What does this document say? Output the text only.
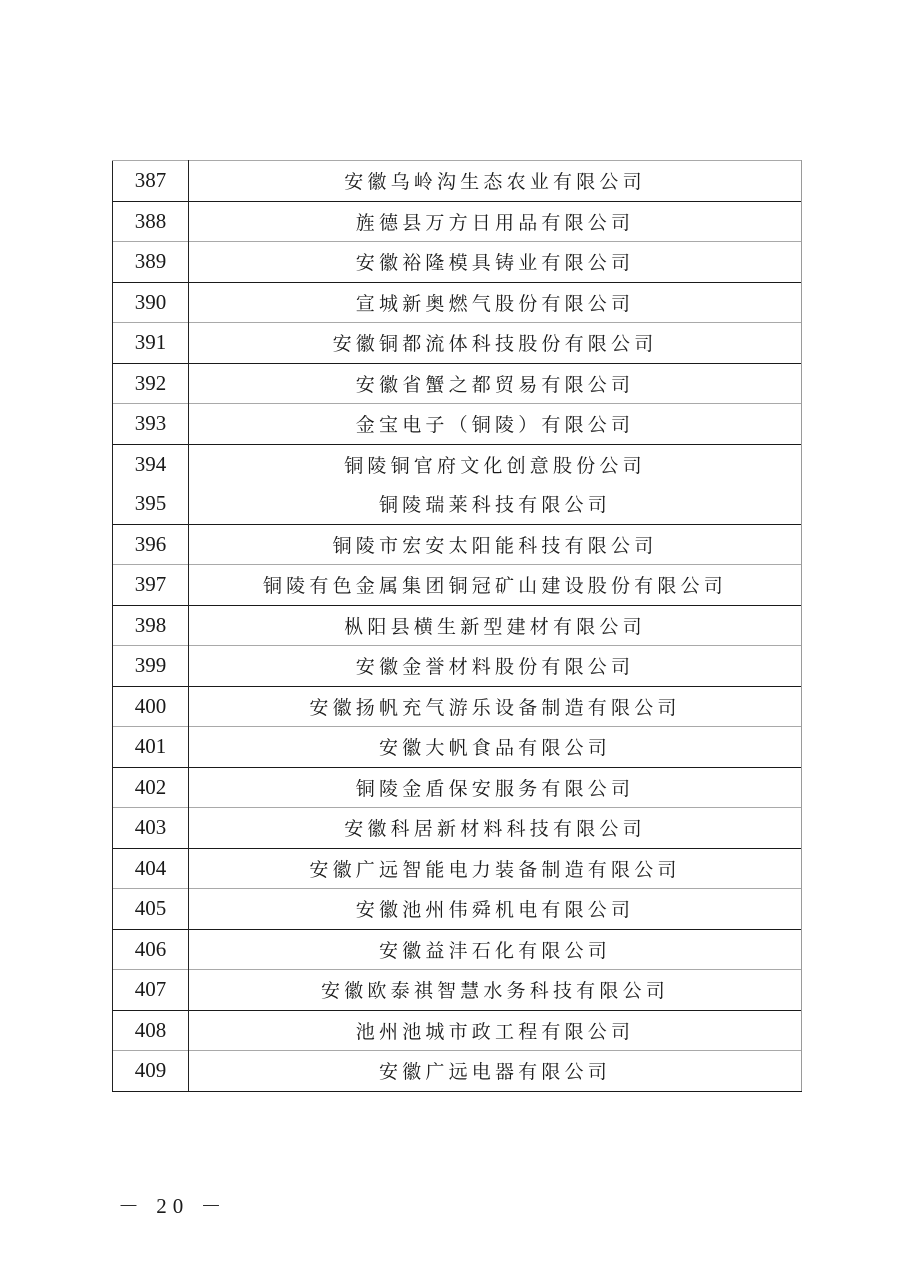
387	安徽乌岭沟生态农业有限公司
388	旌德县万方日用品有限公司
389	安徽裕隆模具铸业有限公司
390	宣城新奥燃气股份有限公司
391	安徽铜都流体科技股份有限公司
392	安徽省蟹之都贸易有限公司
393	金宝电子（铜陵）有限公司
394	铜陵铜官府文化创意股份公司
395	铜陵瑞莱科技有限公司
396	铜陵市宏安太阳能科技有限公司
397	铜陵有色金属集团铜冠矿山建设股份有限公司
398	枞阳县横生新型建材有限公司
399	安徽金誉材料股份有限公司
400	安徽扬帆充气游乐设备制造有限公司
401	安徽大帆食品有限公司
402	铜陵金盾保安服务有限公司
403	安徽科居新材料科技有限公司
404	安徽广远智能电力装备制造有限公司
405	安徽池州伟舜机电有限公司
406	安徽益沣石化有限公司
407	安徽欧泰祺智慧水务科技有限公司
408	池州池城市政工程有限公司
409	安徽广远电器有限公司
－ 20 －
